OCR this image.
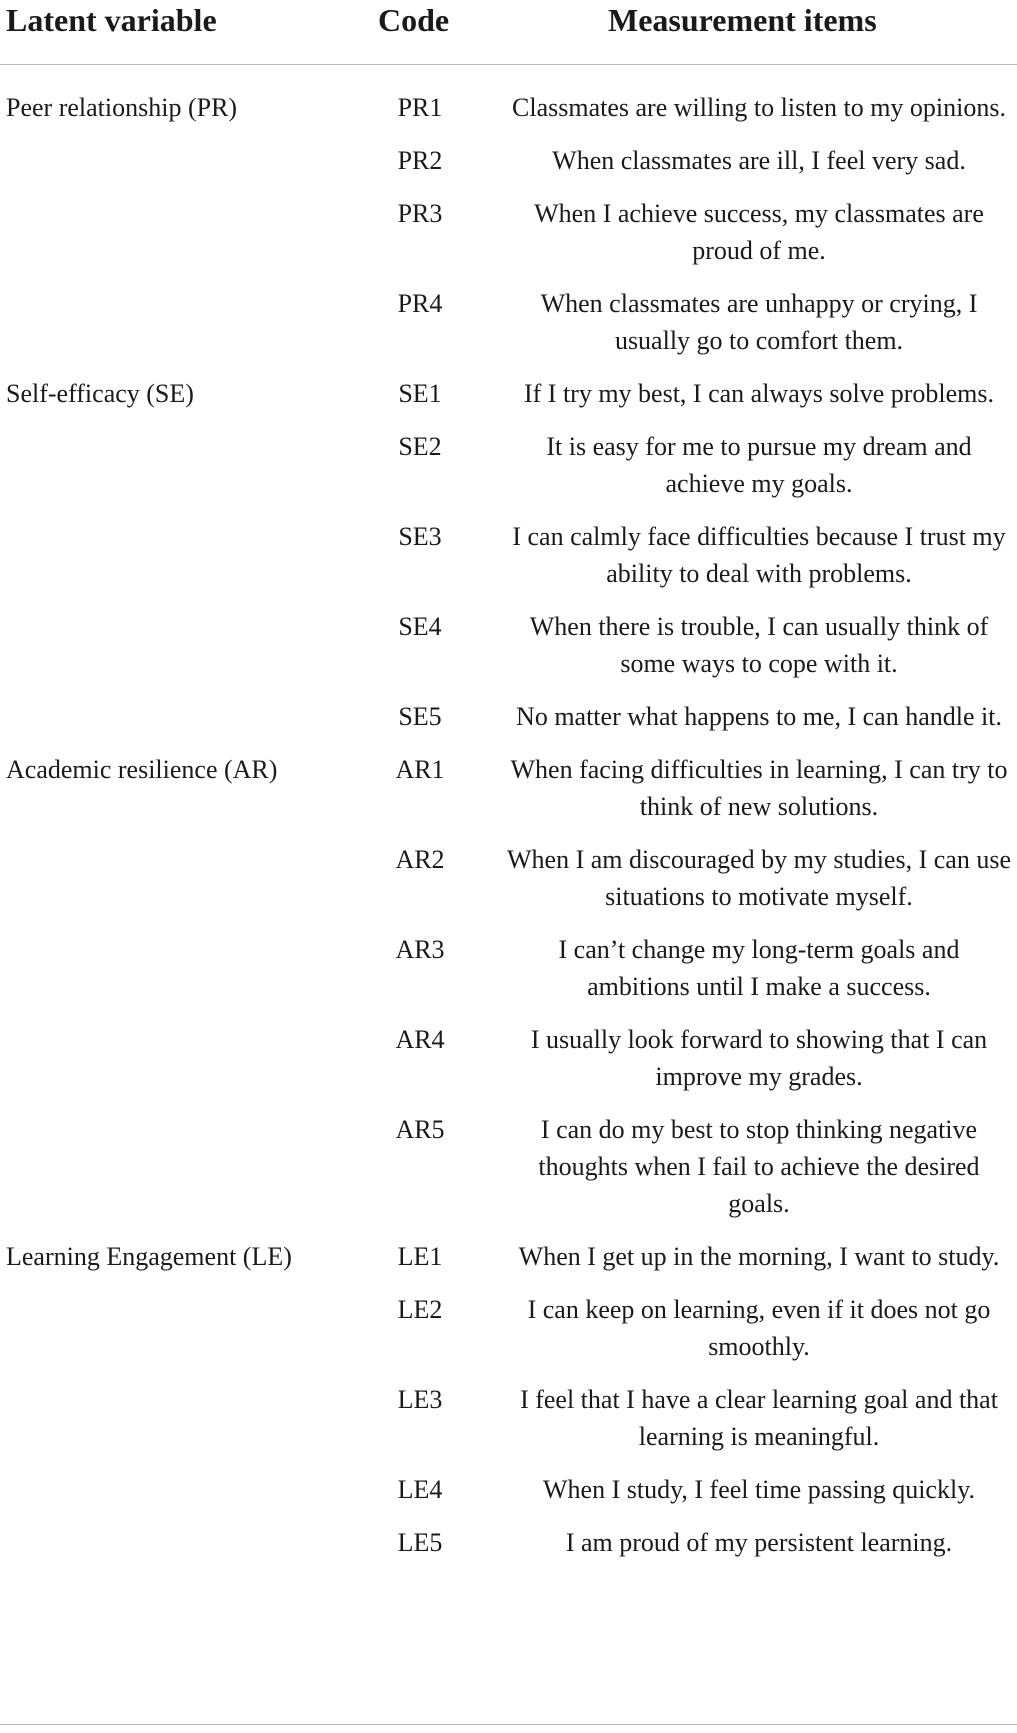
Latent variable	Code	Measurement items
Peer relationship (PR)	PR1	Classmates are willing to listen to my opinions.
PR2	When classmates are ill, I feel very sad.
PR3	When I achieve success, my classmates are proud of me.
PR4	When classmates are unhappy or crying, I usually go to comfort them.
Self-efficacy (SE)	SE1	If I try my best, I can always solve problems.
SE2	It is easy for me to pursue my dream and achieve my goals.
SE3	I can calmly face difficulties because I trust my ability to deal with problems.
SE4	When there is trouble, I can usually think of some ways to cope with it.
SE5	No matter what happens to me, I can handle it.
Academic resilience (AR)	AR1	When facing difficulties in learning, I can try to think of new solutions.
AR2	When I am discouraged by my studies, I can use situations to motivate myself.
AR3	I can’t change my long-term goals and ambitions until I make a success.
AR4	I usually look forward to showing that I can improve my grades.
AR5	I can do my best to stop thinking negative thoughts when I fail to achieve the desired goals.
Learning Engagement (LE)	LE1	When I get up in the morning, I want to study.
LE2	I can keep on learning, even if it does not go smoothly.
LE3	I feel that I have a clear learning goal and that learning is meaningful.
LE4	When I study, I feel time passing quickly.
LE5	I am proud of my persistent learning.
